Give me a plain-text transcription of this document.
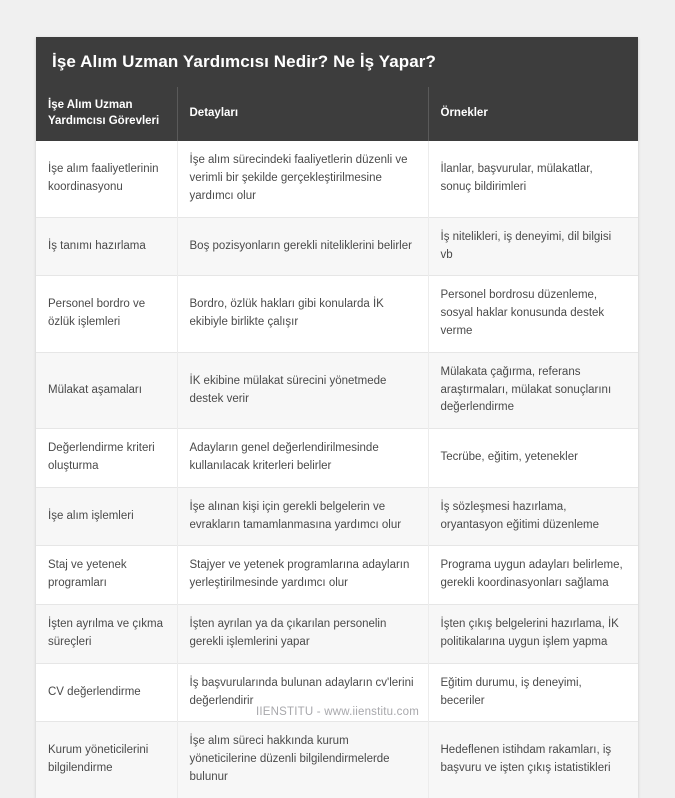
İşe Alım Uzman Yardımcısı Nedir? Ne İş Yapar?
İşe Alım Uzman Yardımcısı Görevleri	Detayları	Örnekler
İşe alım faaliyetlerinin koordinasyonu	İşe alım sürecindeki faaliyetlerin düzenli ve verimli bir şekilde gerçekleştirilmesine yardımcı olur	İlanlar, başvurular, mülakatlar, sonuç bildirimleri
İş tanımı hazırlama	Boş pozisyonların gerekli niteliklerini belirler	İş nitelikleri, iş deneyimi, dil bilgisi vb
Personel bordro ve özlük işlemleri	Bordro, özlük hakları gibi konularda İK ekibiyle birlikte çalışır	Personel bordrosu düzenleme, sosyal haklar konusunda destek verme
Mülakat aşamaları	İK ekibine mülakat sürecini yönetmede destek verir	Mülakata çağırma, referans araştırmaları, mülakat sonuçlarını değerlendirme
Değerlendirme kriteri oluşturma	Adayların genel değerlendirilmesinde kullanılacak kriterleri belirler	Tecrübe, eğitim, yetenekler
İşe alım işlemleri	İşe alınan kişi için gerekli belgelerin ve evrakların tamamlanmasına yardımcı olur	İş sözleşmesi hazırlama, oryantasyon eğitimi düzenleme
Staj ve yetenek programları	Stajyer ve yetenek programlarına adayların yerleştirilmesinde yardımcı olur	Programa uygun adayları belirleme, gerekli koordinasyonları sağlama
İşten ayrılma ve çıkma süreçleri	İşten ayrılan ya da çıkarılan personelin gerekli işlemlerini yapar	İşten çıkış belgelerini hazırlama, İK politikalarına uygun işlem yapma
CV değerlendirme	İş başvurularında bulunan adayların cv'lerini değerlendirir	Eğitim durumu, iş deneyimi, beceriler
Kurum yöneticilerini bilgilendirme	İşe alım süreci hakkında kurum yöneticilerine düzenli bilgilendirmelerde bulunur	Hedeflenen istihdam rakamları, iş başvuru ve işten çıkış istatistikleri
IIENSTITU - www.iienstitu.com
